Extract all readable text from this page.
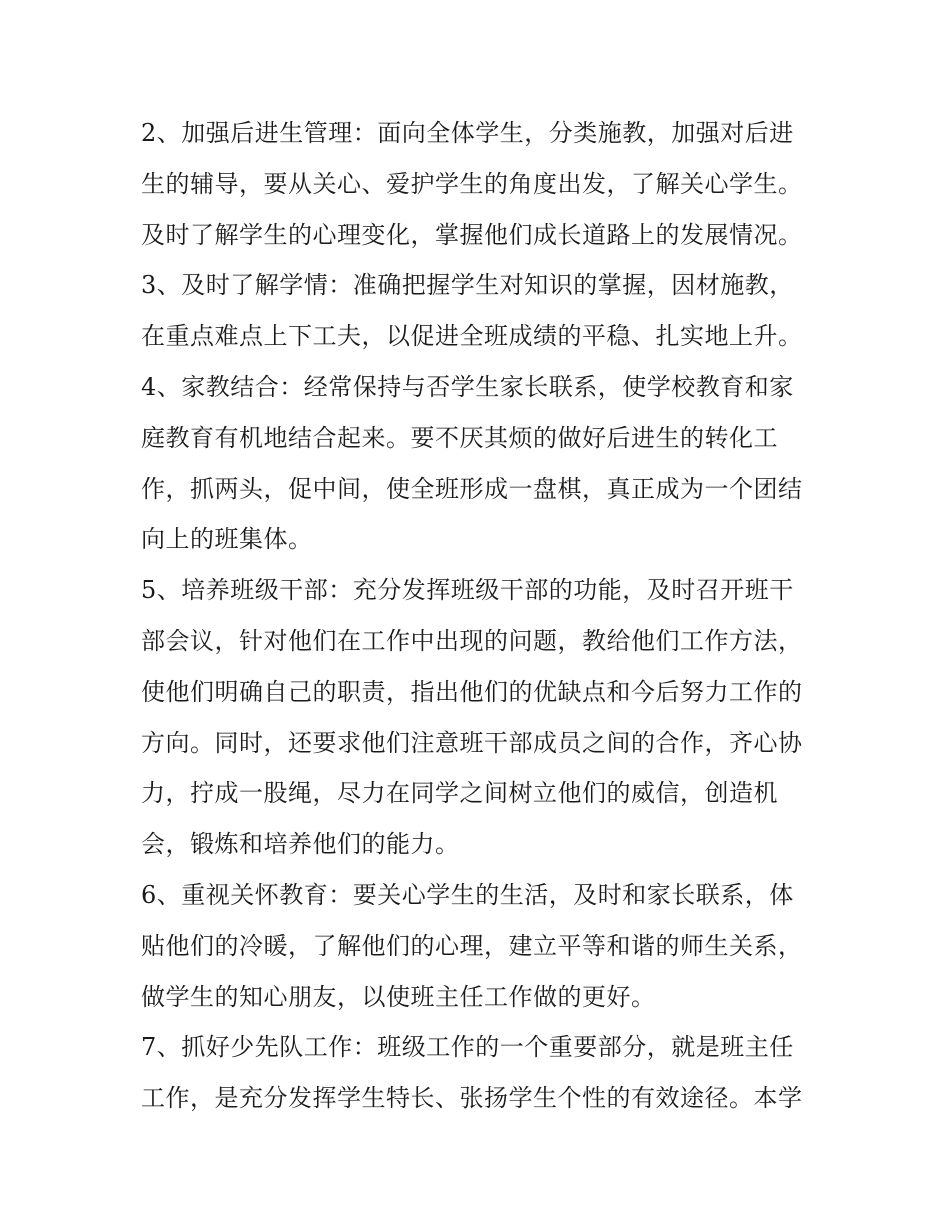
2、加强后进生管理：面向全体学生，分类施教，加强对后进
生的辅导，要从关心、爱护学生的角度出发，了解关心学生。
及时了解学生的心理变化，掌握他们成长道路上的发展情况。
3、及时了解学情：准确把握学生对知识的掌握，因材施教，
在重点难点上下工夫，以促进全班成绩的平稳、扎实地上升。
4、家教结合：经常保持与否学生家长联系，使学校教育和家
庭教育有机地结合起来。要不厌其烦的做好后进生的转化工
作，抓两头，促中间，使全班形成一盘棋，真正成为一个团结
向上的班集体。
5、培养班级干部：充分发挥班级干部的功能，及时召开班干
部会议，针对他们在工作中出现的问题，教给他们工作方法，
使他们明确自己的职责，指出他们的优缺点和今后努力工作的
方向。同时，还要求他们注意班干部成员之间的合作，齐心协
力，拧成一股绳，尽力在同学之间树立他们的威信，创造机
会，锻炼和培养他们的能力。
6、重视关怀教育：要关心学生的生活，及时和家长联系，体
贴他们的冷暖，了解他们的心理，建立平等和谐的师生关系，
做学生的知心朋友，以使班主任工作做的更好。
7、抓好少先队工作：班级工作的一个重要部分，就是班主任
工作，是充分发挥学生特长、张扬学生个性的有效途径。本学
